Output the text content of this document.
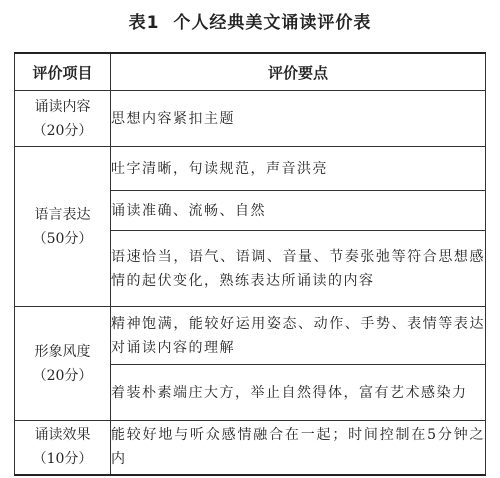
表1 个人经典美文诵读评价表
评价项目	评价要点

诵读内容
（20分）	思想内容紧扣主题

语言表达
（50分）	吐字清晰，句读规范，声音洪亮
	诵读准确、流畅、自然
	语速恰当，语气、语调、音量、节奏张弛等符合思想感情的起伏变化，熟练表达所诵读的内容

形象风度
（20分）	精神饱满，能较好运用姿态、动作、手势、表情等表达对诵读内容的理解
	着装朴素端庄大方，举止自然得体，富有艺术感染力

诵读效果
（10分）	能较好地与听众感情融合在一起；时间控制在5分钟之内
